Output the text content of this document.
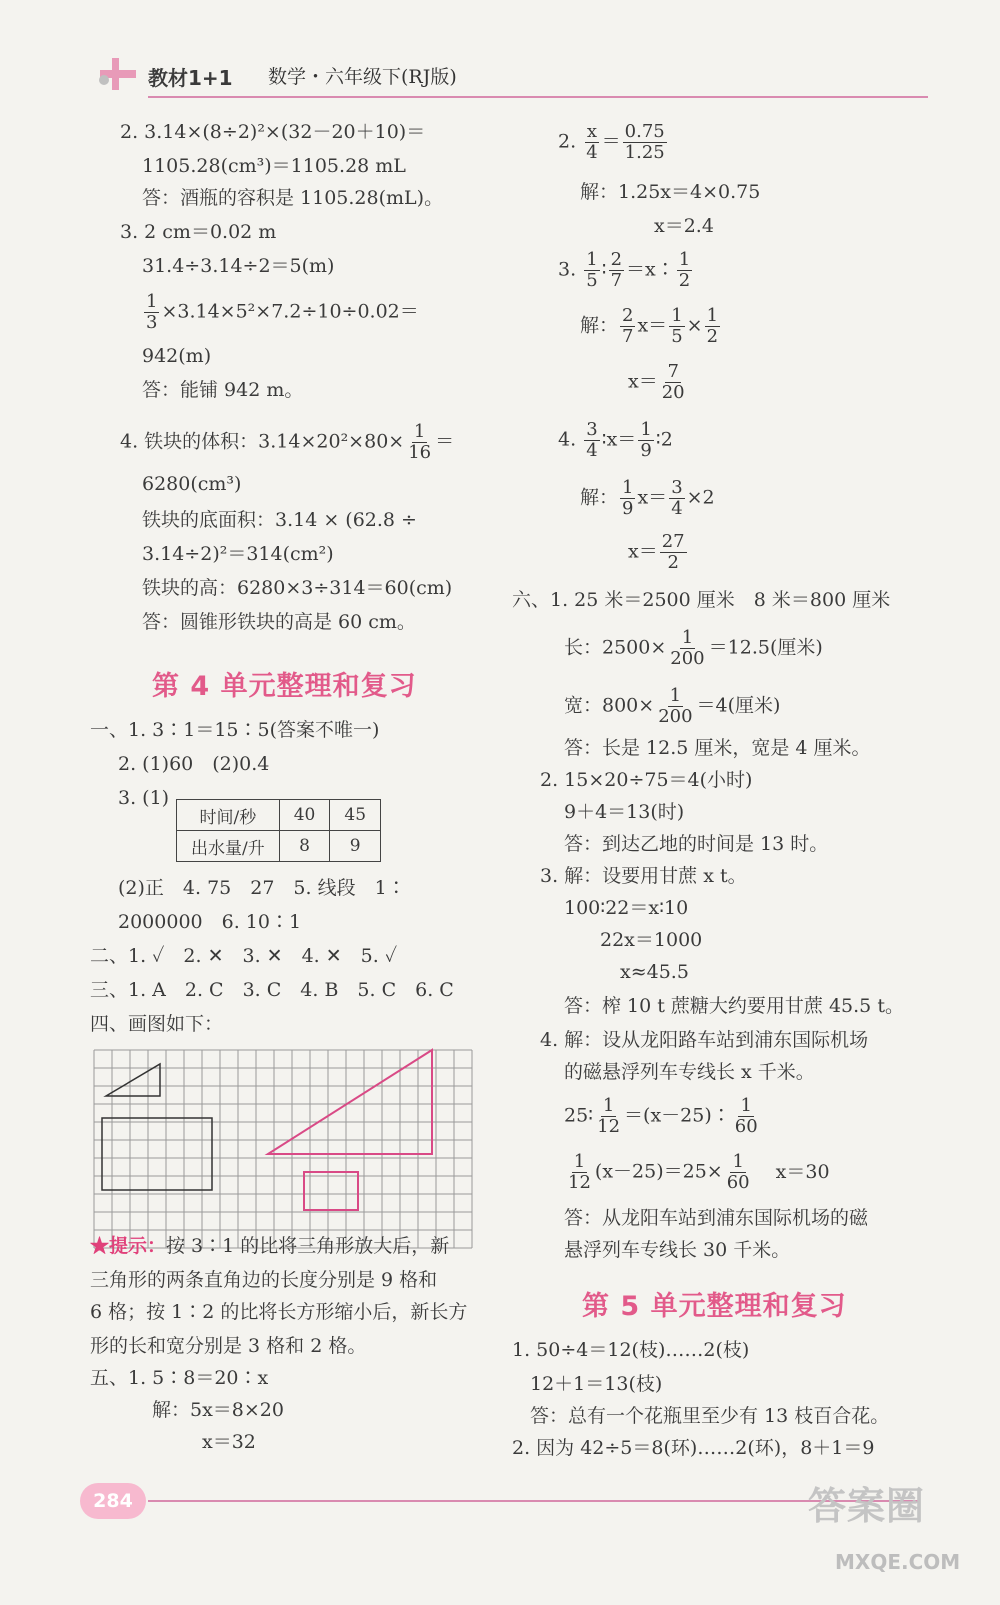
教材1+1 数学・六年级下(RJ版)
2. 3.14×(8÷2)²×(32－20＋10)＝
1105.28(cm³)＝1105.28 mL
答：酒瓶的容积是 1105.28(mL)。
3. 2 cm＝0.02 m
31.4÷3.14÷2＝5(m)
$\frac{1}{3} \times 3.14\times 5^2\times 7.2\div 10\div 0.02=$
942(m)
答：能铺 942 m。
4. 铁块的体积：$3.14\times 20^2\times 80\times \frac{1}{16}$ ＝
6280(cm³)
铁块的底面积：3.14 × (62.8 ÷
3.14÷2)²＝314(cm²)
铁块的高：6280×3÷314＝60(cm)
答：圆锥形铁块的高是 60 cm。
第 4 单元整理和复习
一、1. 3∶1＝15∶5(答案不唯一)
2. (1)60　(2)0.4
3. (1)
时间/秒	40	45
出水量/升	8	9
(2)正　4. 75　27　5. 线段　1∶
2000000　6. 10∶1
二、1. ✓　2. ✕　3. ✕　4. ✕　5. ✓
三、1. A　2. C　3. C　4. B　5. C　6. C
四、画图如下：
★提示：按 3∶1 的比将三角形放大后，新
三角形的两条直角边的长度分别是 9 格和
6 格；按 1∶2 的比将长方形缩小后，新长方
形的长和宽分别是 3 格和 2 格。
五、1. 5∶8＝20∶x
解：5x＝8×20
x＝32
2. $\frac{x}{4} = \frac{0.75}{1.25}$
解：1.25x＝4×0.75
x＝2.4
3. $\frac{1}{5}$ ∶ $\frac{2}{7}$ ＝x∶ $\frac{1}{2}$
解： $\frac{2}{7} x= \frac{1}{5} \times \frac{1}{2}$
$x= \frac{7}{20}$
4. $\frac{3}{4}$ ∶x＝ $\frac{1}{9}$ ∶2
解： $\frac{1}{9} x= \frac{3}{4} \times 2$
$x= \frac{27}{2}$
六、1. 25 米＝2500 厘米　8 米＝800 厘米
长：$2500\times \frac{1}{200} =12.5$(厘米)
宽：$800\times \frac{1}{200} =4$(厘米)
答：长是 12.5 厘米，宽是 4 厘米。
2. 15×20÷75＝4(小时)
9＋4＝13(时)
答：到达乙地的时间是 13 时。
3. 解：设要用甘蔗 x t。
100∶22＝x∶10
22x＝1000
x≈45.5
答：榨 10 t 蔗糖大约要用甘蔗 45.5 t。
4. 解：设从龙阳路车站到浦东国际机场
的磁悬浮列车专线长 x 千米。
25∶ $\frac{1}{12}$ ＝(x－25)∶ $\frac{1}{60}$
$\frac{1}{12} (x-25)=25\times \frac{1}{60} x=30$
答：从龙阳车站到浦东国际机场的磁
悬浮列车专线长 30 千米。
第 5 单元整理和复习
1. 50÷4＝12(枝)……2(枝)
12＋1＝13(枝)
答：总有一个花瓶里至少有 13 枝百合花。
2. 因为 42÷5＝8(环)……2(环)，8＋1＝9
284	答案圈
MXQE.COM
